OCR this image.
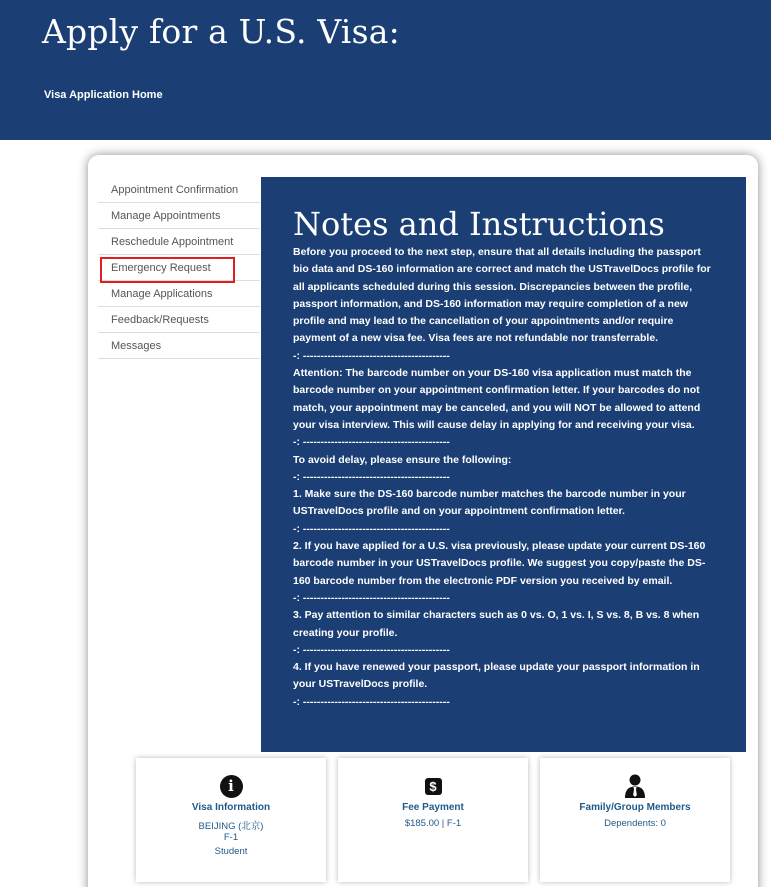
Apply for a U.S. Visa:
Visa Application Home
Appointment Confirmation
Manage Appointments
Reschedule Appointment
Emergency Request
Manage Applications
Feedback/Requests
Messages
Notes and Instructions

Before you proceed to the next step, ensure that all details including the passport bio data and DS-160 information are correct and match the USTravelDocs profile for all applicants scheduled during this session. Discrepancies between the profile, passport information, and DS-160 information may require completion of a new profile and may lead to the cancellation of your appointments and/or require payment of a new visa fee. Visa fees are not refundable nor transferrable.

-: ------------------------------------------

Attention: The barcode number on your DS-160 visa application must match the barcode number on your appointment confirmation letter. If your barcodes do not match, your appointment may be canceled, and you will NOT be allowed to attend your visa interview. This will cause delay in applying for and receiving your visa.

-: ------------------------------------------

To avoid delay, please ensure the following:

-: ------------------------------------------

1. Make sure the DS-160 barcode number matches the barcode number in your USTravelDocs profile and on your appointment confirmation letter.

-: ------------------------------------------

2. If you have applied for a U.S. visa previously, please update your current DS-160 barcode number in your USTravelDocs profile. We suggest you copy/paste the DS-160 barcode number from the electronic PDF version you received by email.

-: ------------------------------------------

3. Pay attention to similar characters such as 0 vs. O, 1 vs. I, S vs. 8, B vs. 8 when creating your profile.

-: ------------------------------------------

4. If you have renewed your passport, please update your passport information in your USTravelDocs profile.

-: ------------------------------------------

i
Visa Information
BEIJING (北京)
F-1
Student
$
Fee Payment
$185.00 | F-1
Family/Group Members
Dependents: 0
